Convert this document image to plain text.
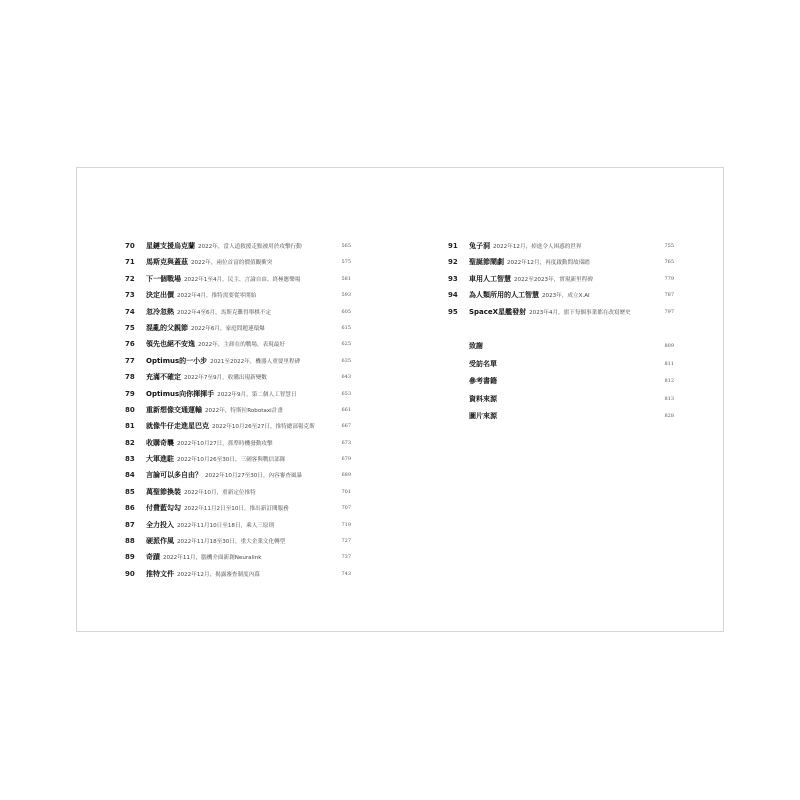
70	星鏈支援烏克蘭 2022年，當人道救援走點被用於攻擊行動	565
71	馬斯克與蓋茲 2022年，兩位首富的價值觀衝突	575
72	下一個戰場 2022年1至4月，民主、言論自由、終極應樂場	581
73	決定出價 2022年4月，推特需要從零開始	593
74	忽冷忽熱 2022年4至6月，馬斯克難得舉棋不定	605
75	混亂的父親節 2022年6月，家庭問題連環爆	615
76	領先也絕不安逸 2022年，主卸在的戰場，表現最好	625
77	Optimus的一小步 2021至2022年，機器人重要里程碑	635
78	充滿不確定 2022年7至9月，收購出現新變數	643
79	Optimus向你揮揮手 2022年9月，第二個人工智慧日	653
80	重新想像交通運輸 2022年，特斯拉Robotaxi計畫	661
81	就像牛仔走進星巴克 2022年10月26至27日，推特總部報克斯	667
82	收購奇襲 2022年10月27日，抓準時機發動攻擊	673
83	大軍進駐 2022年10月26至30日，三劍客與戰信部隊	679
84	言論可以多自由？ 2022年10月27至30日，內容審查風暴	689
85	萬聖節換裝 2022年10月，重新定位推特	701
86	付費藍勾勾 2022年11月2日至10日，推出新訂閱服務	707
87	全力投入 2022年11月10日至18日，乘人三原則	719
88	硬派作風 2022年11月18至30日，重大企業文化轉型	727
89	奇蹟 2022年11月，腦機介面新創Neuralink	737
90	推特文件 2022年12月，揭露審查制度內幕	743
91	兔子洞 2022年12月，掉進令人困惑的世界	755
92	聖誕節鬧劇 2022年12月，再度啟動問故瑙踏	765
93	車用人工智慧 2022至2023年，實現新里程碑	779
94	為人類所用的人工智慧 2023年，成立X.AI	787
95	SpaceX星艦發射 2023年4月，旗下每個事業都在改寫歷史	797
致謝	809
受訪名單	811
參考書籍	812
資料來源	813
圖片來源	828
